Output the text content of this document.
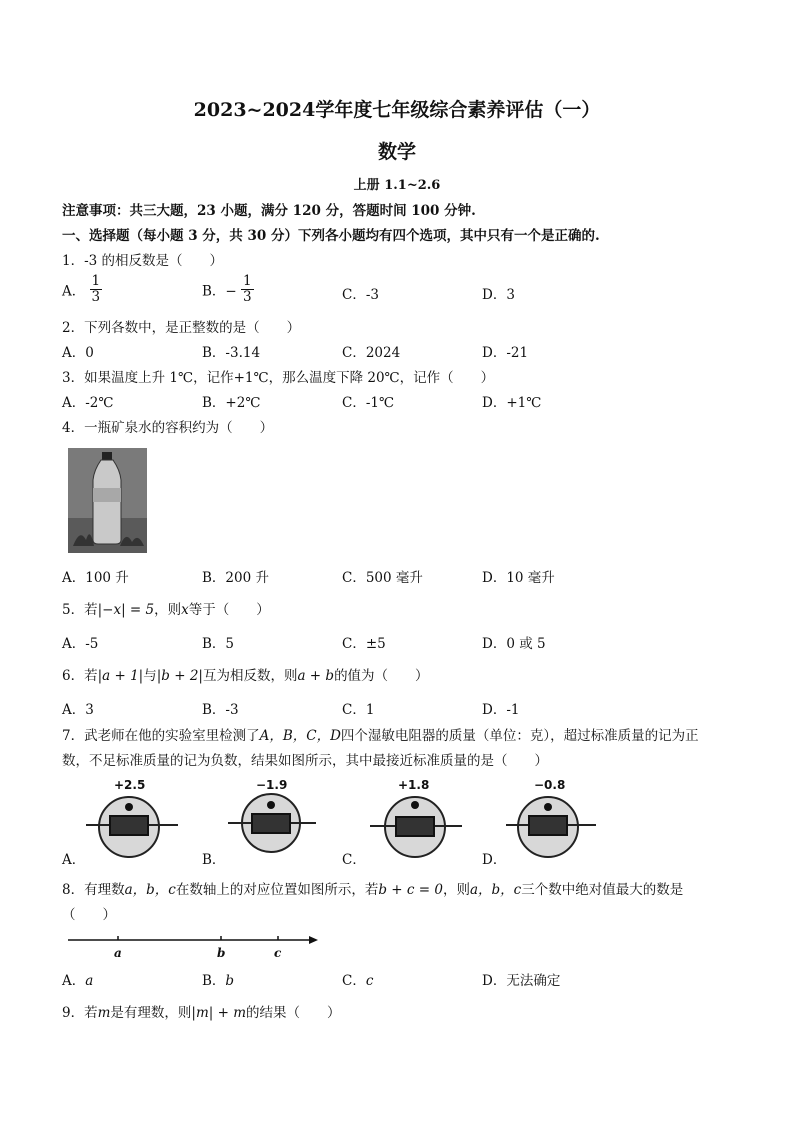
2023~2024学年度七年级综合素养评估（一）
数学
上册 1.1~2.6
注意事项：共三大题，23 小题，满分 120 分，答题时间 100 分钟.
一、选择题（每小题 3 分，共 30 分）下列各小题均有四个选项，其中只有一个是正确的.
1．-3 的相反数是（　　）
A． $\frac{1}{3}$	B．− $\frac{1}{3}$	C．-3	D．3
2．下列各数中，是正整数的是（　　）
A．0	B．-3.14	C．2024	D．-21
3．如果温度上升 1℃，记作+1℃，那么温度下降 20℃，记作（　　）
A．-2℃	B．+2℃	C．-1℃	D．+1℃
4．一瓶矿泉水的容积约为（　　）
A．100 升	B．200 升	C．500 毫升	D．10 毫升
5．若|−x| = 5，则x等于（　　）
A．-5	B．5	C．±5	D．0 或 5
6．若|a + 1|与|b + 2|互为相反数，则a + b的值为（　　）
A．3	B．-3	C．1	D．-1
7．武老师在他的实验室里检测了A，B，C，D四个湿敏电阻器的质量（单位：克），超过标准质量的记为正
数，不足标准质量的记为负数，结果如图所示，其中最接近标准质量的是（　　）
+2.5
A．
−1.9
B．
+1.8
C．
−0.8
D．
8．有理数a，b，c在数轴上的对应位置如图所示，若b + c = 0，则a，b，c三个数中绝对值最大的数是
（　　）
a	b	c
A．a	B．b	C．c	D．无法确定
9．若m是有理数，则|m| + m的结果（　　）
